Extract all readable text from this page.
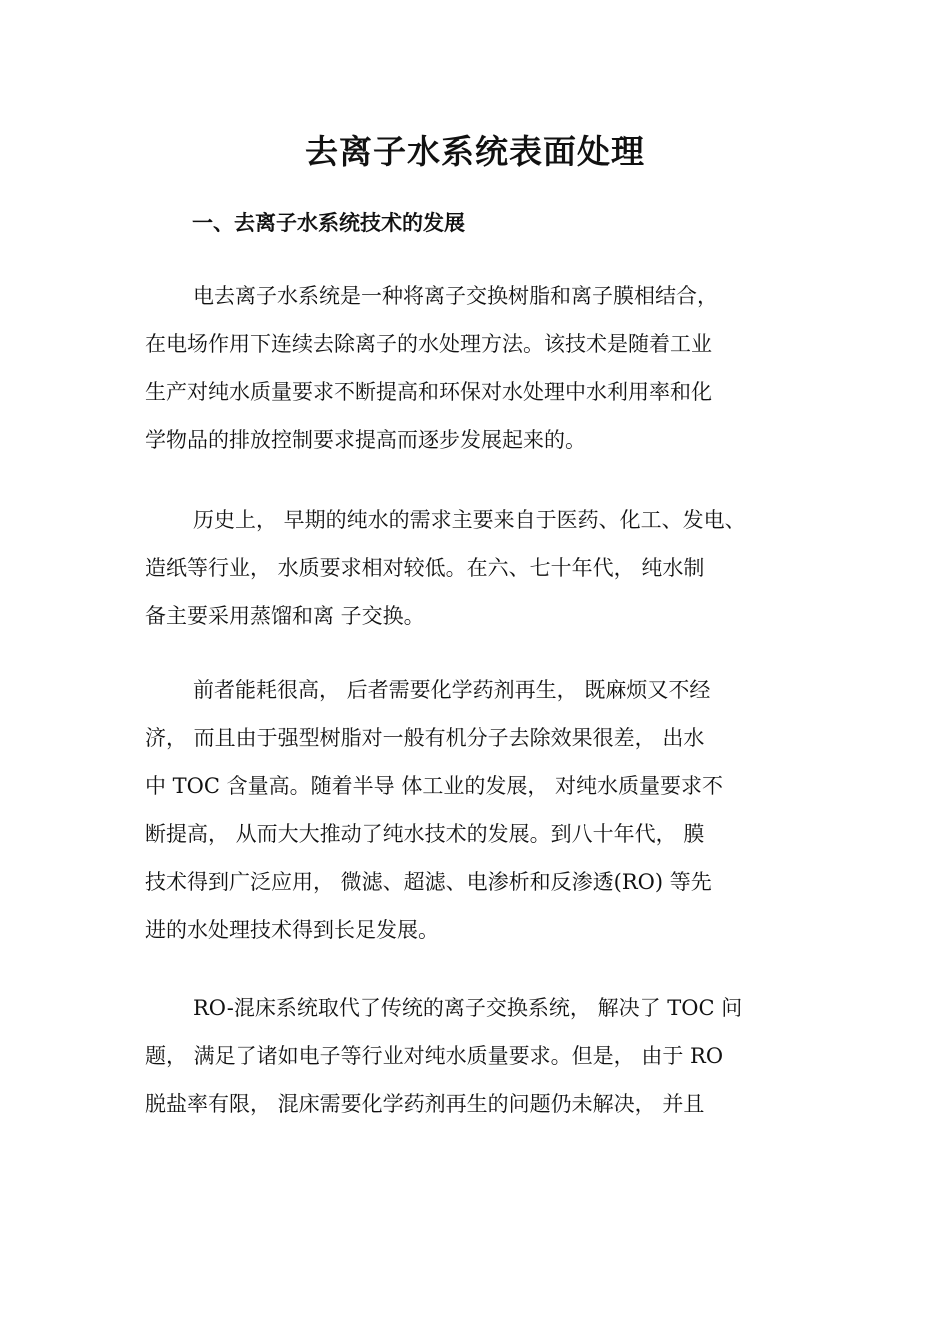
去离子水系统表面处理
一、去离子水系统技术的发展
电去离子水系统是一种将离子交换树脂和离子膜相结合，
在电场作用下连续去除离子的水处理方法。该技术是随着工业
生产对纯水质量要求不断提高和环保对水处理中水利用率和化
学物品的排放控制要求提高而逐步发展起来的。
历史上， 早期的纯水的需求主要来自于医药、化工、发电、
造纸等行业， 水质要求相对较低。在六、七十年代， 纯水制
备主要采用蒸馏和离 子交换。
前者能耗很高， 后者需要化学药剂再生， 既麻烦又不经
济， 而且由于强型树脂对一般有机分子去除效果很差， 出水
中 TOC 含量高。随着半导 体工业的发展， 对纯水质量要求不
断提高， 从而大大推动了纯水技术的发展。到八十年代， 膜
技术得到广泛应用， 微滤、超滤、电渗析和反渗透(RO) 等先
进的水处理技术得到长足发展。
RO-混床系统取代了传统的离子交换系统， 解决了 TOC 问
题， 满足了诸如电子等行业对纯水质量要求。但是， 由于 RO
脱盐率有限， 混床需要化学药剂再生的问题仍未解决， 并且
